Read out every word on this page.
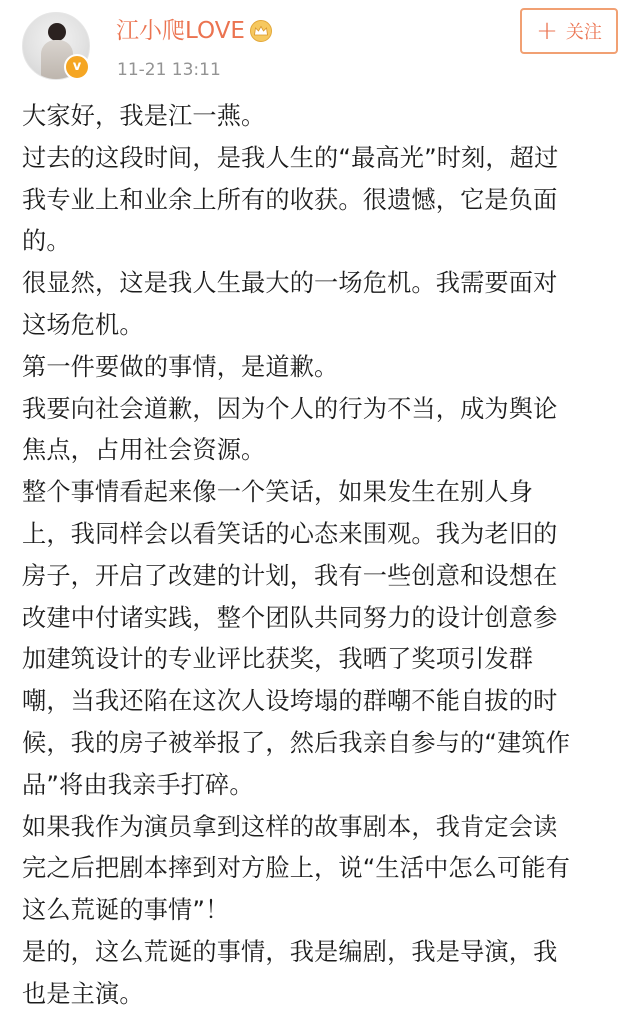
v
江小爬LOVE
11-21 13:11
+ 关注
大家好，我是江一燕。
过去的这段时间，是我人生的“最高光”时刻，超过
我专业上和业余上所有的收获。很遗憾，它是负面
的。
很显然，这是我人生最大的一场危机。我需要面对
这场危机。
第一件要做的事情，是道歉。
我要向社会道歉，因为个人的行为不当，成为舆论
焦点，占用社会资源。
整个事情看起来像一个笑话，如果发生在别人身
上，我同样会以看笑话的心态来围观。我为老旧的
房子，开启了改建的计划，我有一些创意和设想在
改建中付诸实践，整个团队共同努力的设计创意参
加建筑设计的专业评比获奖，我晒了奖项引发群
嘲，当我还陷在这次人设垮塌的群嘲不能自拔的时
候，我的房子被举报了，然后我亲自参与的“建筑作
品”将由我亲手打碎。
如果我作为演员拿到这样的故事剧本，我肯定会读
完之后把剧本摔到对方脸上，说“生活中怎么可能有
这么荒诞的事情”！
是的，这么荒诞的事情，我是编剧，我是导演，我
也是主演。
